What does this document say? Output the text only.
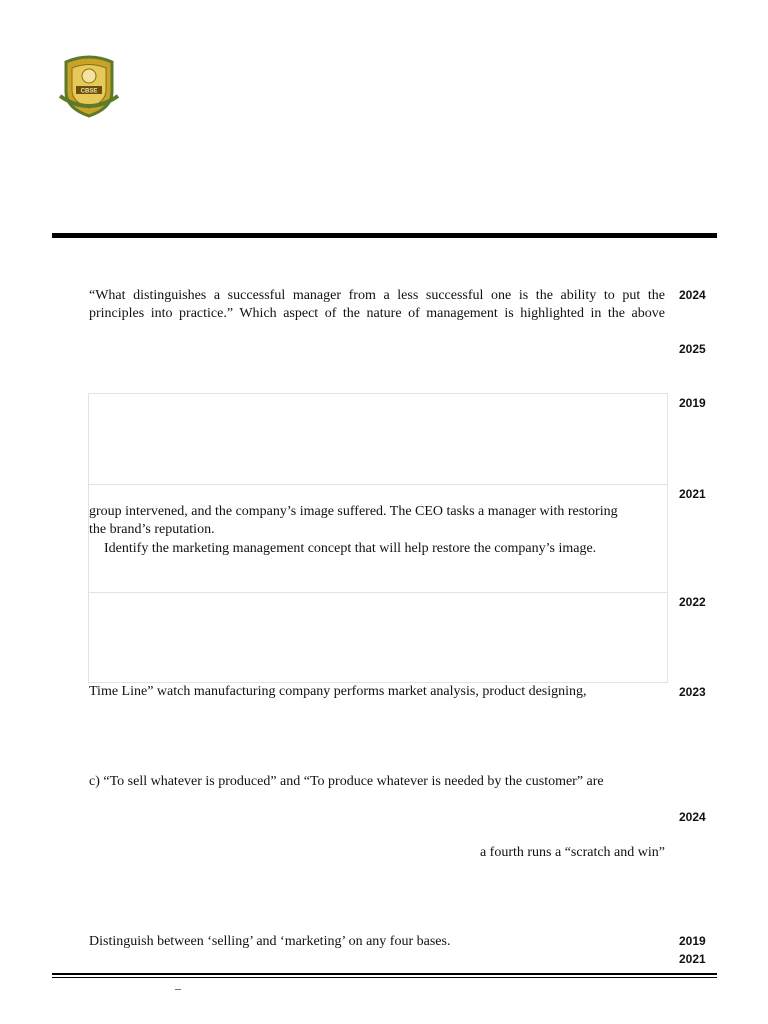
CBSE
“What distinguishes a successful manager from a less successful one is the ability to put the
principles into practice.” Which aspect of the nature of management is highlighted in the above
2024
2025
2019
2021
group intervened, and the company’s image suffered. The CEO tasks a manager with restoring
the brand’s reputation.
Identify the marketing management concept that will help restore the company’s image.
2022
Time Line” watch manufacturing company performs market analysis, product designing,	2023
c) “To sell whatever is produced” and “To produce whatever is needed by the customer” are
2024
a fourth runs a “scratch and win”
Distinguish between ‘selling’ and ‘marketing’ on any four bases.	2019
2021
–
